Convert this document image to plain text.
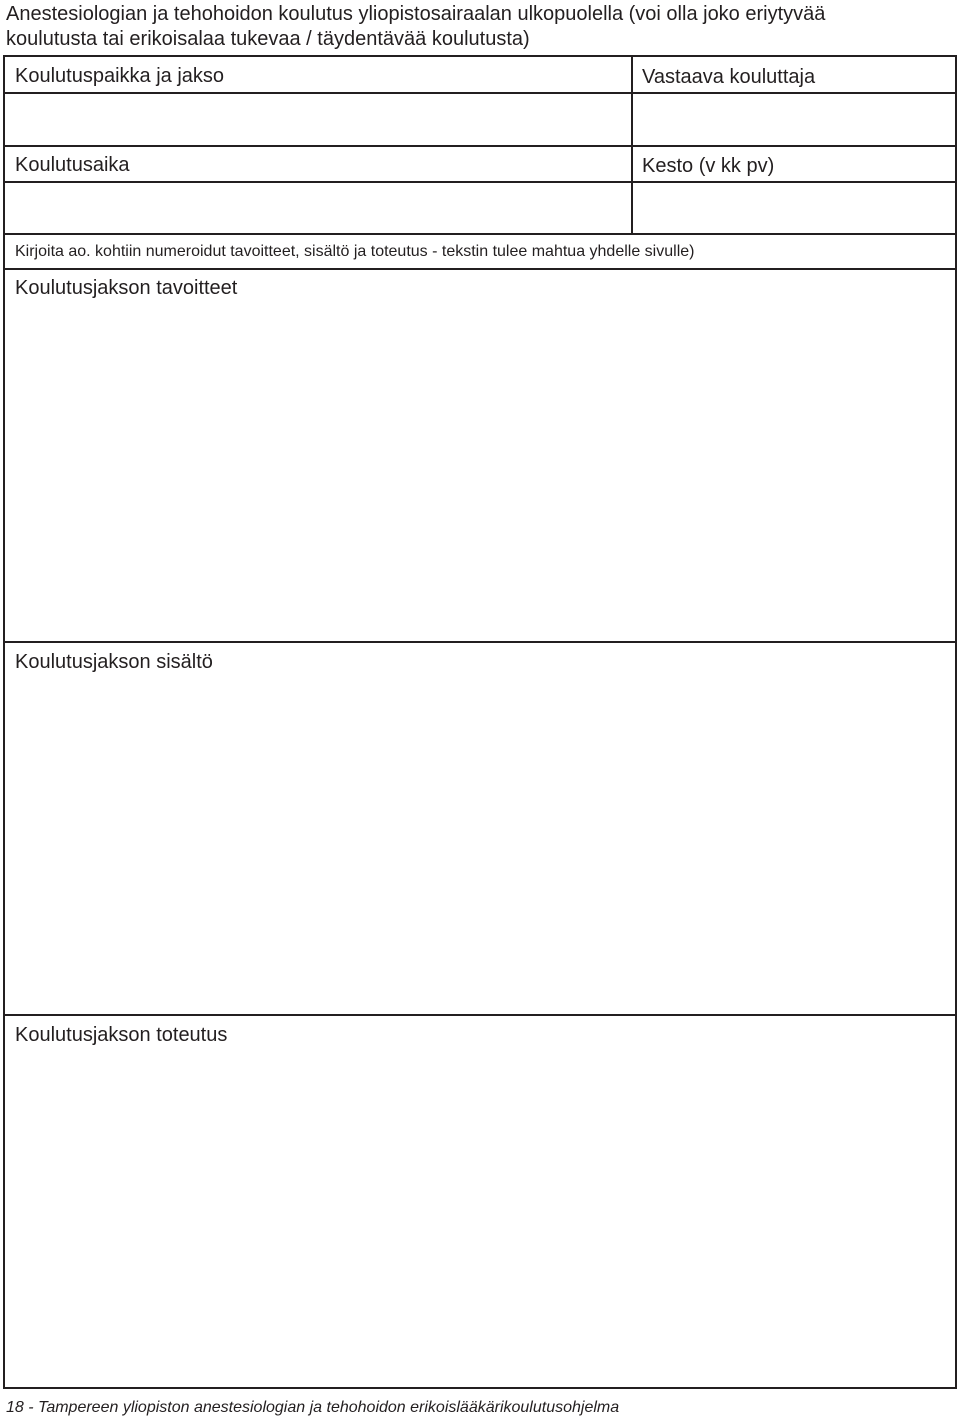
Anestesiologian ja tehohoidon koulutus yliopistosairaalan ulkopuolella (voi olla joko eriytyvää
koulutusta tai erikoisalaa tukevaa / täydentävää koulutusta)
Koulutuspaikka ja jakso	Vastaava kouluttaja
Koulutusaika	Kesto (v kk pv)
Kirjoita ao. kohtiin numeroidut tavoitteet, sisältö ja toteutus - tekstin tulee mahtua yhdelle sivulle)
Koulutusjakson tavoitteet
Koulutusjakson sisältö
Koulutusjakson toteutus
18 - Tampereen yliopiston anestesiologian ja tehohoidon erikoislääkärikoulutusohjelma
